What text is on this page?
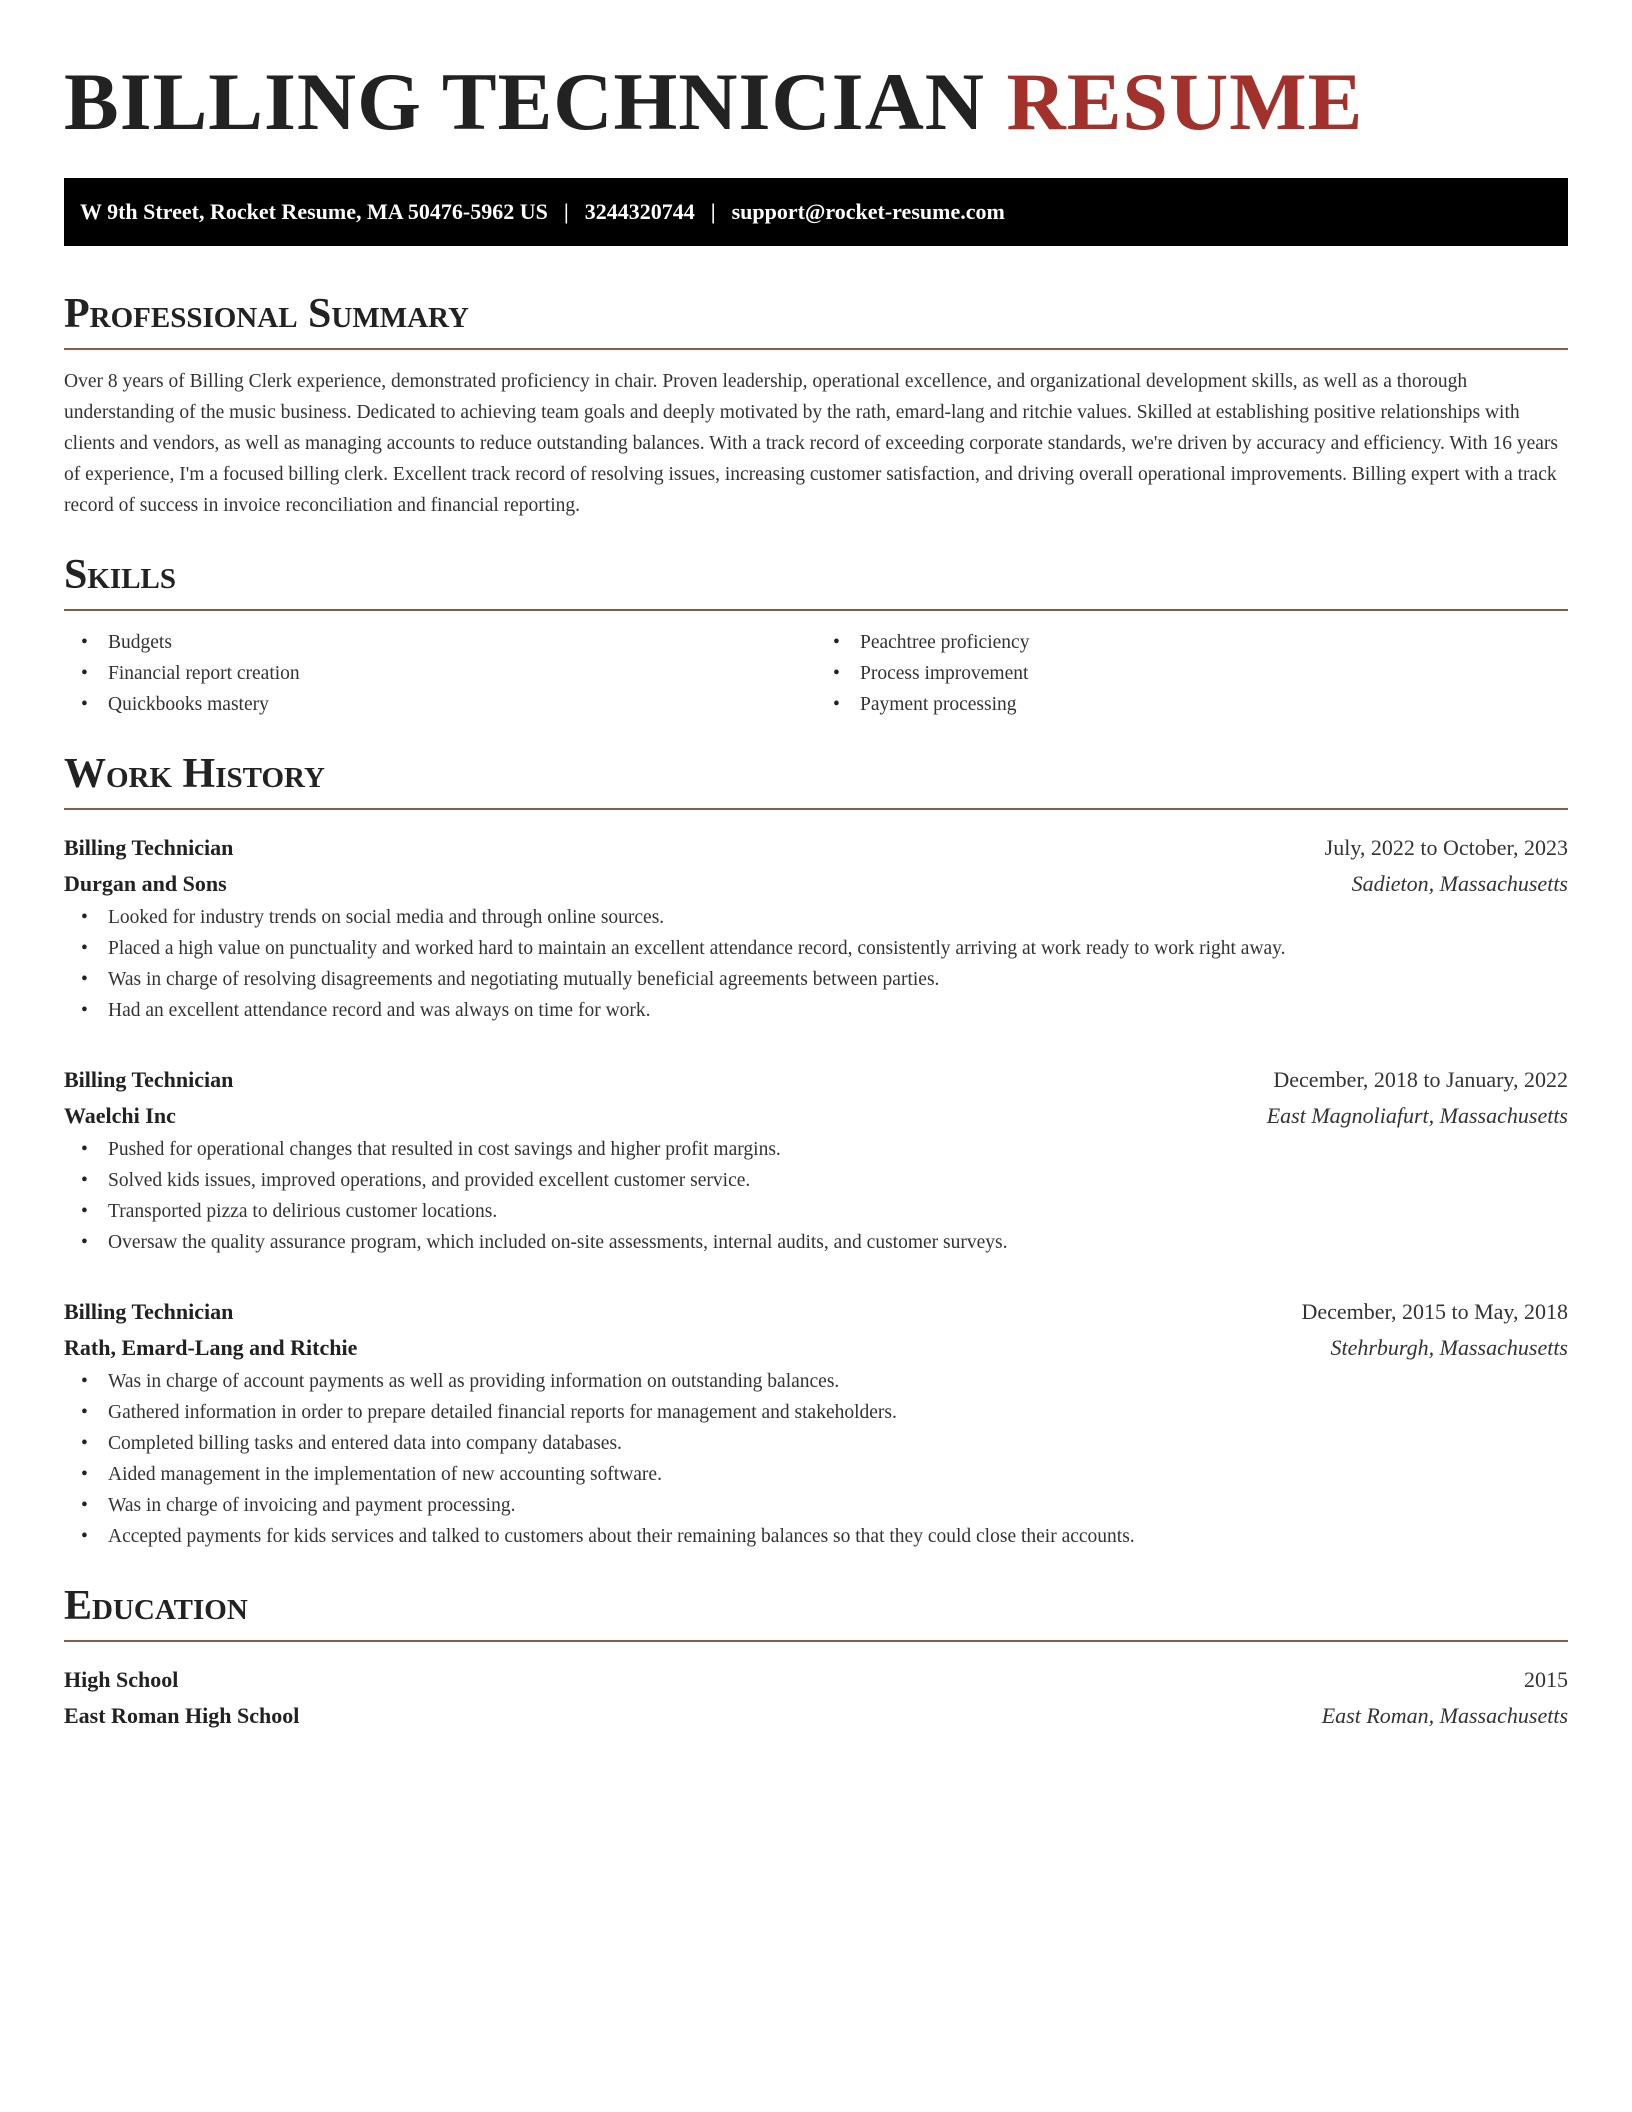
BILLING TECHNICIAN RESUME
W 9th Street, Rocket Resume, MA 50476-5962 US | 3244320744 | support@rocket-resume.com
Professional Summary

Over 8 years of Billing Clerk experience, demonstrated proficiency in chair. Proven leadership, operational excellence, and organizational development skills, as well as a thorough understanding of the music business. Dedicated to achieving team goals and deeply motivated by the rath, emard-lang and ritchie values. Skilled at establishing positive relationships with clients and vendors, as well as managing accounts to reduce outstanding balances. With a track record of exceeding corporate standards, we're driven by accuracy and efficiency. With 16 years of experience, I'm a focused billing clerk. Excellent track record of resolving issues, increasing customer satisfaction, and driving overall operational improvements. Billing expert with a track record of success in invoice reconciliation and financial reporting.

Skills
• Budgets
• Financial report creation
• Quickbooks mastery
• Peachtree proficiency
• Process improvement
• Payment processing
Work History
Billing Technician	July, 2022 to October, 2023
Durgan and Sons	Sadieton, Massachusetts
• Looked for industry trends on social media and through online sources.
• Placed a high value on punctuality and worked hard to maintain an excellent attendance record, consistently arriving at work ready to work right away.
• Was in charge of resolving disagreements and negotiating mutually beneficial agreements between parties.
• Had an excellent attendance record and was always on time for work.
Billing Technician	December, 2018 to January, 2022
Waelchi Inc	East Magnoliafurt, Massachusetts
• Pushed for operational changes that resulted in cost savings and higher profit margins.
• Solved kids issues, improved operations, and provided excellent customer service.
• Transported pizza to delirious customer locations.
• Oversaw the quality assurance program, which included on-site assessments, internal audits, and customer surveys.
Billing Technician	December, 2015 to May, 2018
Rath, Emard-Lang and Ritchie	Stehrburgh, Massachusetts
• Was in charge of account payments as well as providing information on outstanding balances.
• Gathered information in order to prepare detailed financial reports for management and stakeholders.
• Completed billing tasks and entered data into company databases.
• Aided management in the implementation of new accounting software.
• Was in charge of invoicing and payment processing.
• Accepted payments for kids services and talked to customers about their remaining balances so that they could close their accounts.
Education
High School	2015
East Roman High School	East Roman, Massachusetts
